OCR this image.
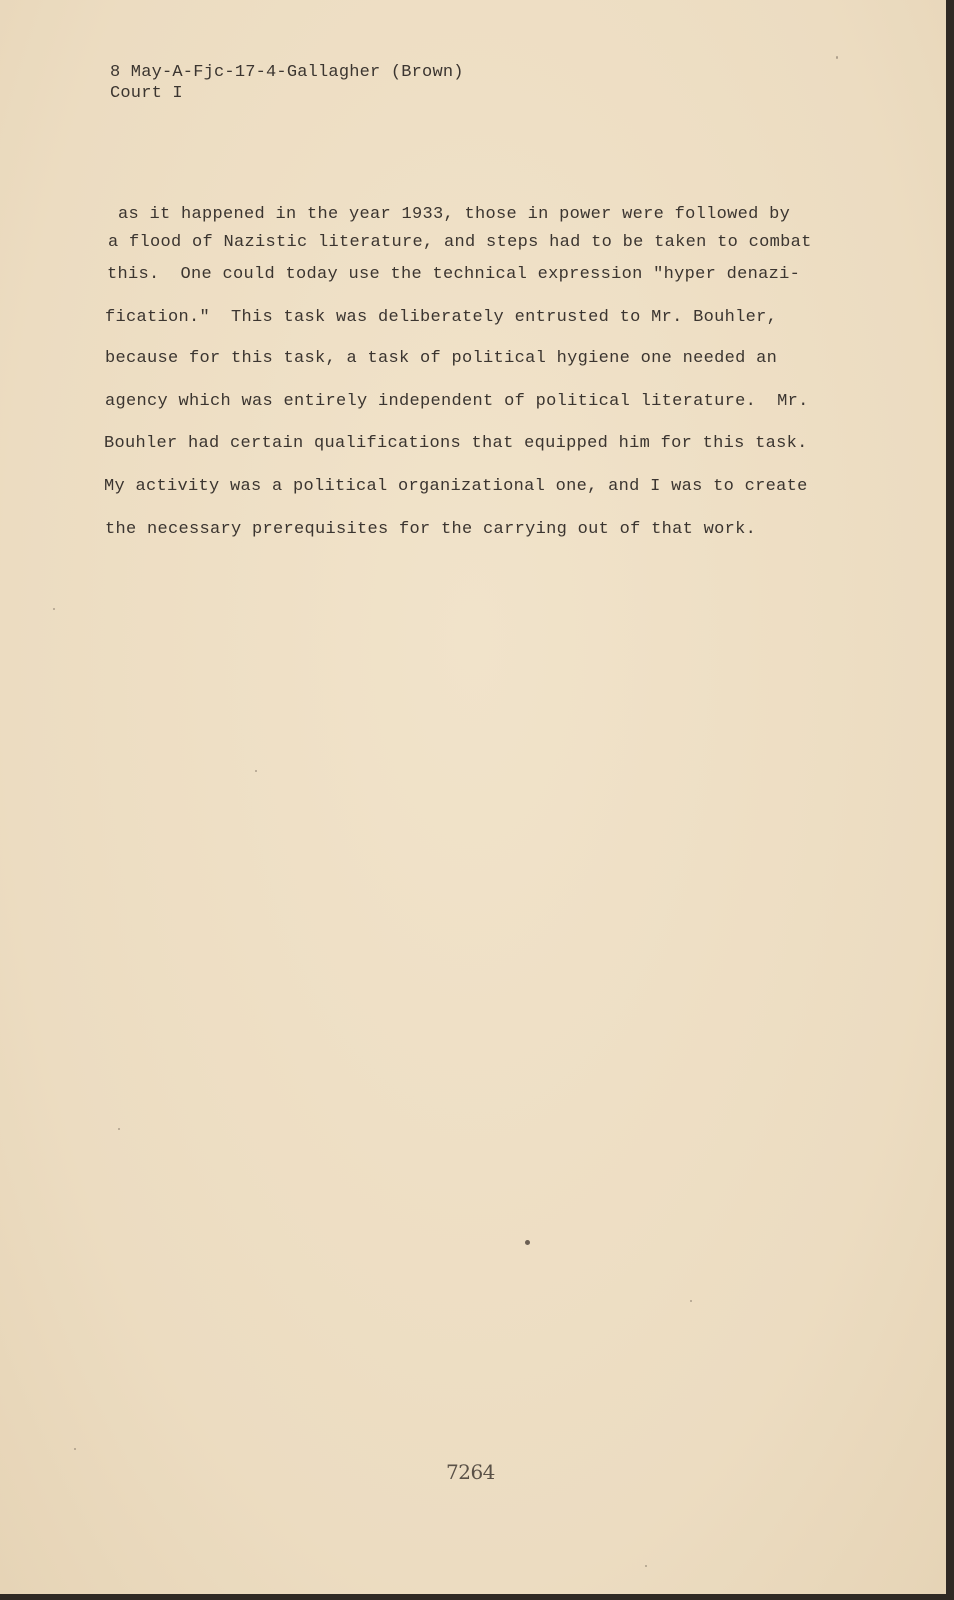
8 May-A-Fjc-17-4-Gallagher (Brown)
Court I
as it happened in the year 1933, those in power were followed by
a flood of Nazistic literature, and steps had to be taken to combat
this.  One could today use the technical expression "hyper denazi-
fication."  This task was deliberately entrusted to Mr. Bouhler,
because for this task, a task of political hygiene one needed an
agency which was entirely independent of political literature.  Mr.
Bouhler had certain qualifications that equipped him for this task.
My activity was a political organizational one, and I was to create
the necessary prerequisites for the carrying out of that work.
7264
